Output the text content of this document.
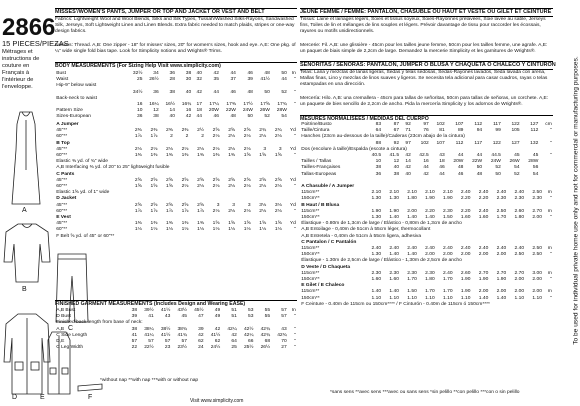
2866
15 PIECES/PIEZAS
Métrages et instructions de couture en Français à l'intérieur de l'enveloppe.
A
B
C
D	E	F
MISSES'/WOMEN'S PANTS, JUMPER OR TOP AND JACKET OR VEST AND BELT
Fabrics: Lightweight Wool and Wool Blends, Silks and Silk Types, Tussah/Washed Silks-Rayons, Sandwashed Silk, Jerseys, Soft Lightweight Linen and Linen Blends. Extra fabric needed to match plaids, stripes or one-way design fabrics.
Notions: Thread. A,B: One zipper - 18" for misses' sizes, 20" for women's sizes, hook and eye. A,E: One pkg. of ¼" wide single fold bias tape. Look for Simplicity notions and Wrights® Trims.
BODY MEASUREMENTS (For Sizing Help Visit www.simplicity.com)
Bust	32½	34	36	38	40	42	44	46	48	50	In
Waist	25	26½	28	30	32	35	37	39	41½	44	"
Hip-9" below waist											
	34½	36	38	40	42	44	46	48	50	52	"
Back-neck to waist											
	16	16¼	16½	16¾	17	17¼	17⅜	17½	17⅝	17¾	"
Pattern Size	10	12	14	16	18	20W	22W	24W	26W	28W	
Sizes-European	36	38	40	42	44	46	48	50	52	54	
A Jumper											
45"**	2⅜	2⅜	2⅜	2⅜	2½	2⅝	2⅝	2⅝	2¾	2¾	Yd
60"**	1⅞	1⅞	2	2	2	2⅛	2⅛	2⅛	2⅛	2⅛	"
B Top											
45"**	2⅛	2⅛	2⅛	2⅛	2⅛	2⅛	2⅛	2⅛	3	3	Yd
60"**	1⅜	1⅜	1⅜	1⅜	1⅜	1⅜	1⅜	1⅝	1⅝	1⅝	"
Elastic ⅜ yd. of ¾" wide											
A,B Interfacing ⅜ yd. of 20" to 25" lightweight fusible											
C Pants											
45"**	2⅝	2⅝	2⅝	2⅝	2⅝	2⅝	2⅝	2⅝	2⅝	2⅝	Yd
60"**	1⅝	1⅝	1⅝	2⅛	2⅛	2⅛	2⅛	2⅛	2⅛	2⅛	"
Elastic 1⅝ yd. of 1" wide											
D Jacket											
45"**	2⅝	2⅝	2⅝	2⅝	2⅝	3	3	3	3⅛	3⅛	Yd
60"**	1⅞	1⅞	1⅞	1⅞	1⅞	2⅛	2⅛	2⅛	2⅛	2⅛	"
E Vest											
45"**	1⅜	1⅜	1⅜	1⅜	1⅜	1⅝	1⅝	1⅝	1⅝	1⅝	Yd
60"**	1⅛	1⅛	1⅛	1⅛	1⅛	1⅛	1⅛	1⅛	1⅛	1⅛	"
F Belt ⅝ yd. of 45" or 60"**											
FINISHED GARMENT MEASUREMENTS (Includes Design and Wearing EASE)
A,B Bust	38	39½	41½	43½	45½	49	51	53	55	57	In
D Bust	39	41	43	45	47	49	51	53	55	57	"
Finished back length from base of neck:											
A,B	38	38¼	38½	38¾	39	42	42¼	42½	42¾	43	"
C Side Length	41	41¼	41½	41¾	42	41½	42	42¼	42¾	42¾	"
D,E	57	57	57	57	62	62	64	66	68	70	"
C Leg Width	22	22½	23	23½	24	24½	25	25½	26½	27	"
*without nap **with nap ***with or without nap
JEUNE FEMME / FEMME: PANTALON, CHASUBLE OU HAUT ET VESTE OU GILET ET CEINTURE
Tissus: Laine et lainages légers, Soies et tissus soyeux, Soies-Rayonnes prélavées, Soie lavée au sable, Jerseys fins, Toiles de lin et mélanges de lins souples et légers. Prévoir davantage de tissu pour raccorder les écossais, rayures ou motifs unidirectionnels.
Mercerie: Fil. A,B: une glissière - 45cm pour les tailles jeune femme, 50cm pour les tailles femme, une agrafe. A,E: un paquet de biais simple de 2,2cm de large. Demandez la mercerie Simplicity et les garnitures de Wrights®.
SEÑORITAS / SEÑORAS: PANTALÓN, JUMPER Ó BLUSA Y CHAQUETA Ó CHALECO Y CINTURÓN
Telas: Lana y mezclas de lanas ligeras, Sedas y telas sedosas, Sedas-Rayones lavados, Seda lavada con arena, Mallas finas, Lino y mezclas de linos suaves y ligeros. Se necesita tela adicional para casar cuadros, rayas o telas estampadas en una dirección.
Mercería: Hilo. A,B: una cremallera - 45cm para tallas de señoritas, 50cm para tallas de señoras, un corchete. A,E: un paquete de bies sencillo de 2,2cm de ancho. Pida la mercería Simplicity y los adornos de Wrights®.
MESURES NORMALISÉES / MEDIDAS DEL CUERPO
Poitrine/Busto	83	87	92	97	102	107	112	117	122	127	cm
Taille/Cintura	64	67	71	76	81	89	94	99	105	112	"
Hanches (23cm au-dessous de la taille)/Caderas (23cm abajo de la cintura)											
	88	92	97	102	107	112	117	122	127	132	"
Dos (encolure à taille)/Espalda (escote a cintura)											
	40.5	41.5	42	42.5	43	44	44	44.5	45	45	"
Tailles / Tallas	10	12	14	16	18	20W	22W	24W	26W	28W	
Tailles-Françaises	38	40	42	44	46	48	50	52	54	56	
Tallas-Europeas	36	38	40	42	44	46	48	50	52	54	
A Chasuble / A Jumper											
115cm**	2.10	2.10	2.10	2.10	2.10	2.40	2.40	2.40	2.40	2.50	m
150cm**	1.30	1.30	1.80	1.90	1.90	2.20	2.20	2.30	2.30	2.30	"
B Haut / B Blusa											
115cm**	1.90	1.90	2.00	2.20	2.30	2.20	2.40	2.50	2.60	2.70	m
150cm**	1.30	1.40	1.40	1.40	1.50	1.60	1.60	1.70	1.80	2.00	"
Élastique - 0.80m de 1,3cm de large / Elástico - 0,80m de 1,3cm de ancho											
A,B Entoilage - 0,40m de 51cm à 55cm léger, thermocollant											
A,B Entretela - 0,40m de 51cm à 55cm ligera, adhesiva											
C Pantalon / C Pantalón											
115cm**	2.40	2.40	2.40	2.40	2.40	2.40	2.40	2.40	2.40	2.50	m
150cm**	1.30	1.40	1.40	2.00	2.00	2.00	2.00	2.00	2.50	2.50	"
Élastique - 1.30m de 2,5cm de large / Elástico - 1,30m de 2,5cm de ancho											
D Veste / D Chaqueta											
115cm**	2.30	2.30	2.30	2.30	2.40	2.60	2.70	2.70	2.70	3.00	m
150cm**	1.60	1.60	1.70	1.80	1.70	1.90	1.90	1.90	2.00	2.00	"
E Gilet / E Chaleco											
115cm**	1.40	1.40	1.50	1.70	1.70	1.90	2.00	2.00	2.00	2.00	m
150cm**	1.10	1.10	1.10	1.10	1.10	1.10	1.40	1.40	1.10	1.10	"
F Ceinture - 0.40m de 115cm ou 150cm**** / F Cinturón - 0.40m de 115cm ó 150cm****											
*sans sens **avec sens ***avec ou sans sens *sin pelillo **con pelillo ***con o sin pelillo
To be used for individual private home use only and not for commercial or manufacturing purposes.
Visit www.simplicity.com
